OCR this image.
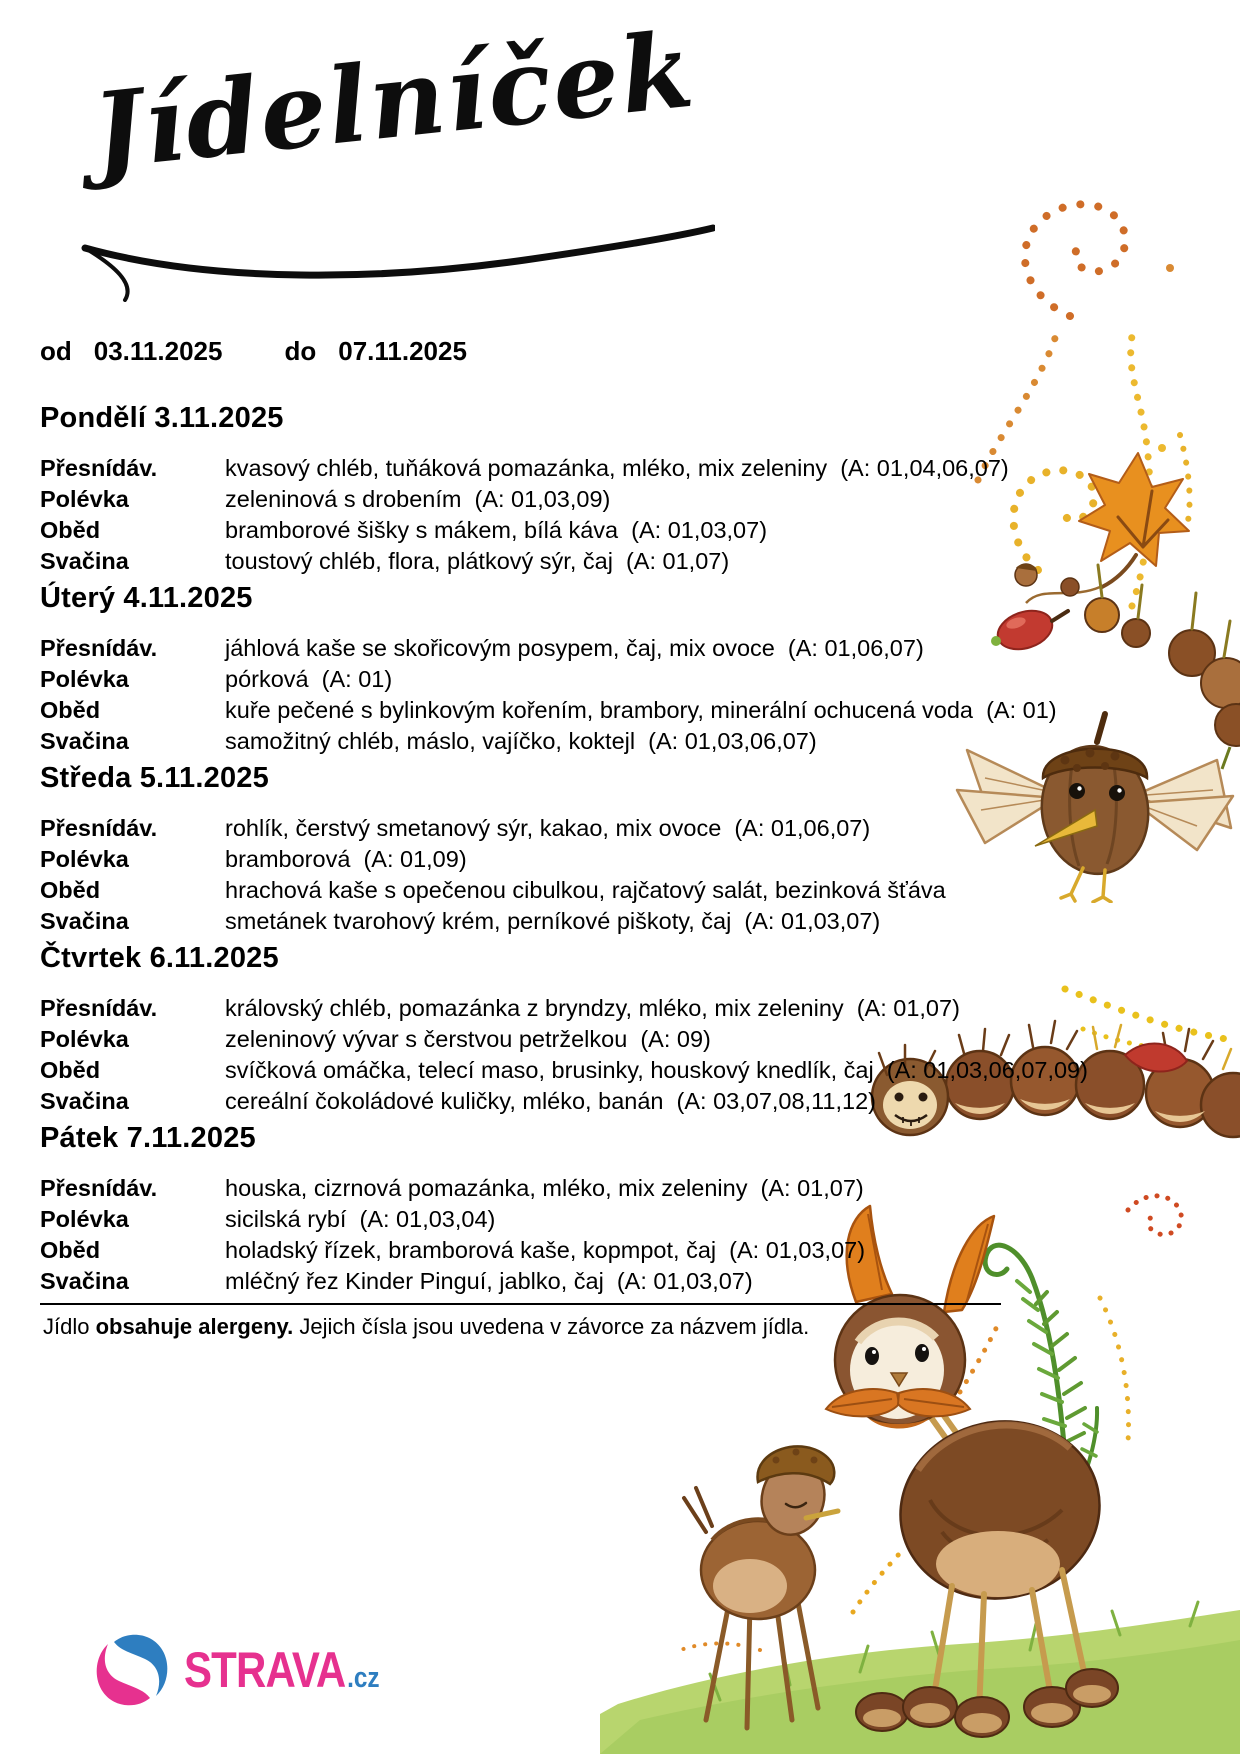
Jídelníček
od 03.11.2025 do 07.11.2025
Pondělí 3.11.2025
Přesnídáv.	kvasový chléb, tuňáková pomazánka, mléko, mix zeleniny  (A: 01,04,06,07)
Polévka	zeleninová s drobením  (A: 01,03,09)
Oběd	bramborové šišky s mákem, bílá káva  (A: 01,03,07)
Svačina	toustový chléb, flora, plátkový sýr, čaj  (A: 01,07)
Úterý 4.11.2025
Přesnídáv.	jáhlová kaše se skořicovým posypem, čaj, mix ovoce  (A: 01,06,07)
Polévka	pórková  (A: 01)
Oběd	kuře pečené s bylinkovým kořením, brambory, minerální ochucená voda  (A: 01)
Svačina	samožitný chléb, máslo, vajíčko, koktejl  (A: 01,03,06,07)
Středa 5.11.2025
Přesnídáv.	rohlík, čerstvý smetanový sýr, kakao, mix ovoce  (A: 01,06,07)
Polévka	bramborová  (A: 01,09)
Oběd	hrachová kaše s opečenou cibulkou, rajčatový salát, bezinková šťáva
Svačina	smetánek tvarohový krém, perníkové piškoty, čaj  (A: 01,03,07)
Čtvrtek 6.11.2025
Přesnídáv.	královský chléb, pomazánka z bryndzy, mléko, mix zeleniny  (A: 01,07)
Polévka	zeleninový vývar s čerstvou petrželkou  (A: 09)
Oběd	svíčková omáčka, telecí maso, brusinky, houskový knedlík, čaj  (A: 01,03,06,07,09)
Svačina	cereální čokoládové kuličky, mléko, banán  (A: 03,07,08,11,12)
Pátek 7.11.2025
Přesnídáv.	houska, cizrnová pomazánka, mléko, mix zeleniny  (A: 01,07)
Polévka	sicilská rybí  (A: 01,03,04)
Oběd	holadský řízek, bramborová kaše, kopmpot, čaj  (A: 01,03,07)
Svačina	mléčný řez Kinder Pinguí, jablko, čaj  (A: 01,03,07)
Jídlo obsahuje alergeny. Jejich čísla jsou uvedena v závorce za názvem jídla.
STRAVA .cz
